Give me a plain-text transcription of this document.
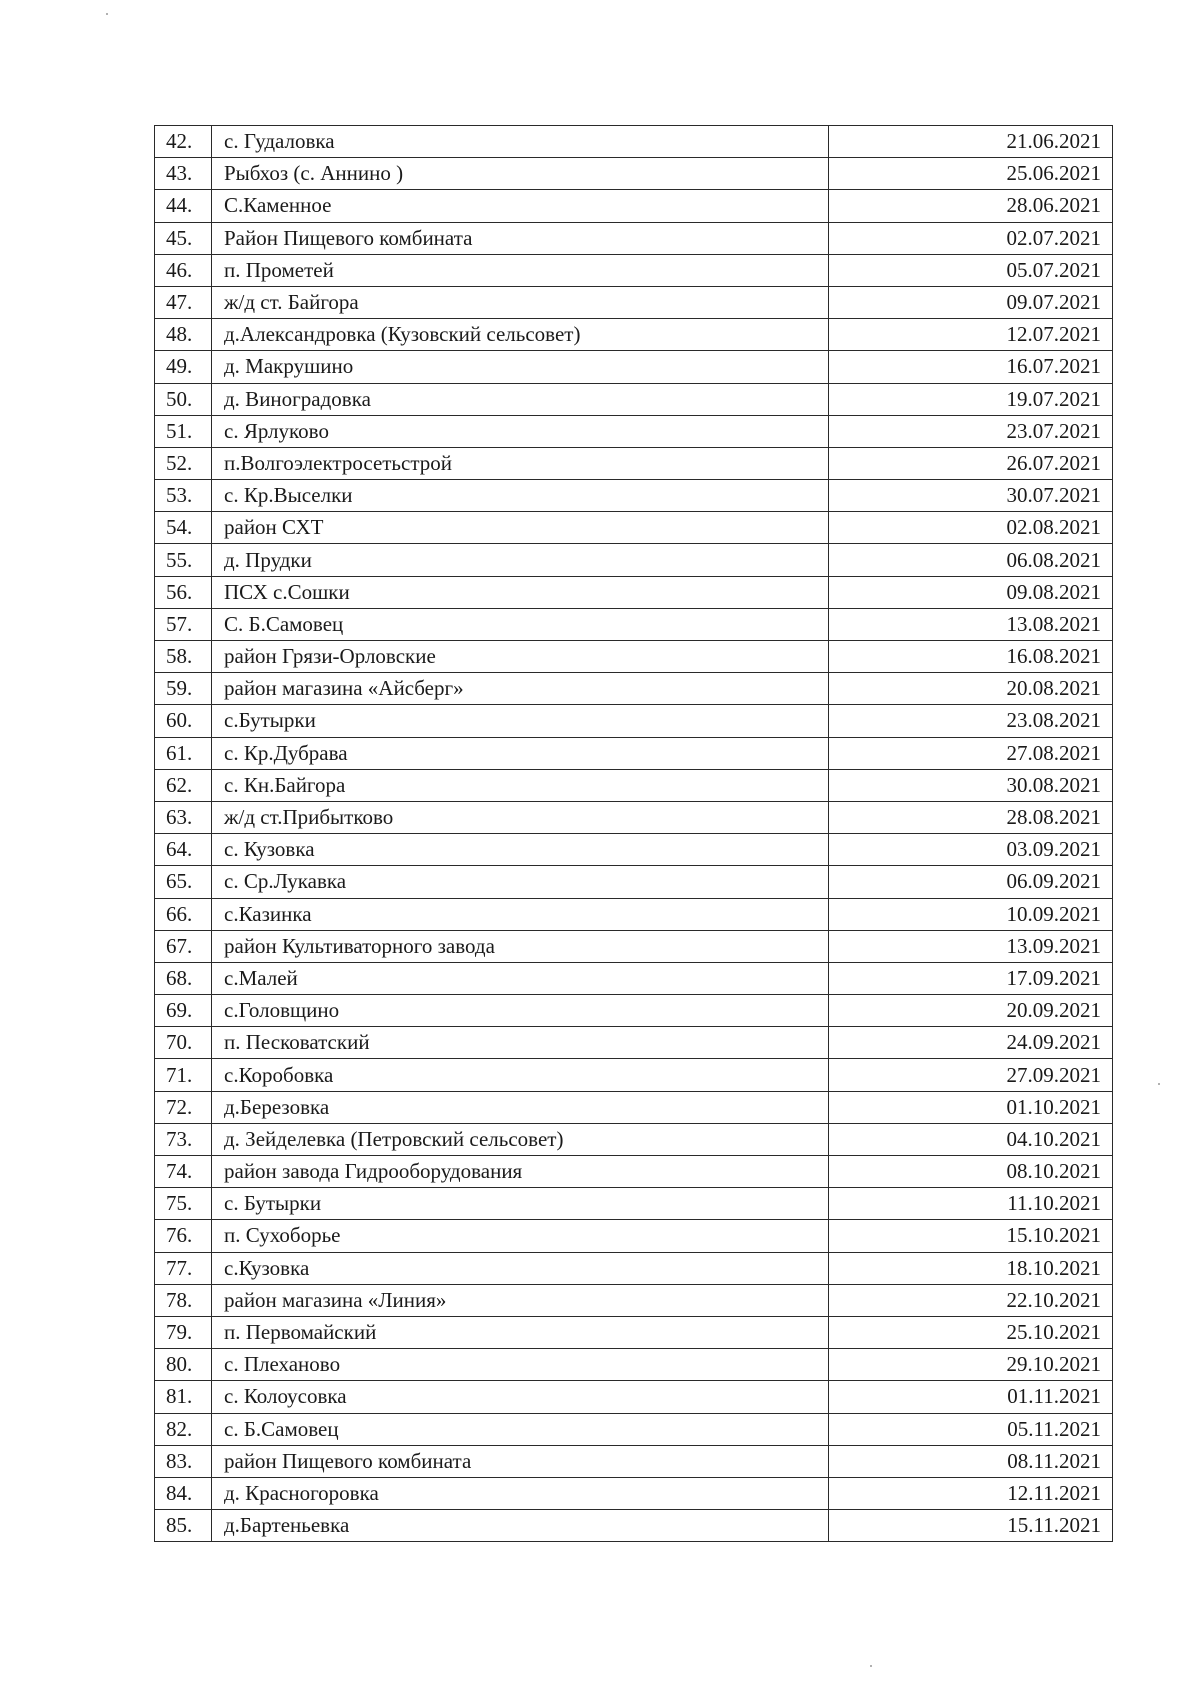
42.	с. Гудаловка	21.06.2021
43.	Рыбхоз (с. Аннино )	25.06.2021
44.	С.Каменное	28.06.2021
45.	Район Пищевого комбината	02.07.2021
46.	п. Прометей	05.07.2021
47.	ж/д ст. Байгора	09.07.2021
48.	д.Александровка (Кузовский сельсовет)	12.07.2021
49.	д. Макрушино	16.07.2021
50.	д. Виноградовка	19.07.2021
51.	с. Ярлуково	23.07.2021
52.	п.Волгоэлектросетьстрой	26.07.2021
53.	с. Кр.Выселки	30.07.2021
54.	район СХТ	02.08.2021
55.	д. Прудки	06.08.2021
56.	ПСХ с.Сошки	09.08.2021
57.	С. Б.Самовец	13.08.2021
58.	район Грязи-Орловские	16.08.2021
59.	район магазина «Айсберг»	20.08.2021
60.	с.Бутырки	23.08.2021
61.	с. Кр.Дубрава	27.08.2021
62.	с. Кн.Байгора	30.08.2021
63.	ж/д ст.Прибытково	28.08.2021
64.	с. Кузовка	03.09.2021
65.	с. Ср.Лукавка	06.09.2021
66.	с.Казинка	10.09.2021
67.	район Культиваторного завода	13.09.2021
68.	с.Малей	17.09.2021
69.	с.Головщино	20.09.2021
70.	п. Песковатский	24.09.2021
71.	с.Коробовка	27.09.2021
72.	д.Березовка	01.10.2021
73.	д. Зейделевка (Петровский сельсовет)	04.10.2021
74.	район завода Гидрооборудования	08.10.2021
75.	с. Бутырки	11.10.2021
76.	п. Сухоборье	15.10.2021
77.	с.Кузовка	18.10.2021
78.	район магазина «Линия»	22.10.2021
79.	п. Первомайский	25.10.2021
80.	с. Плеханово	29.10.2021
81.	с. Колоусовка	01.11.2021
82.	с. Б.Самовец	05.11.2021
83.	район Пищевого комбината	08.11.2021
84.	д. Красногоровка	12.11.2021
85.	д.Бартеньевка	15.11.2021
